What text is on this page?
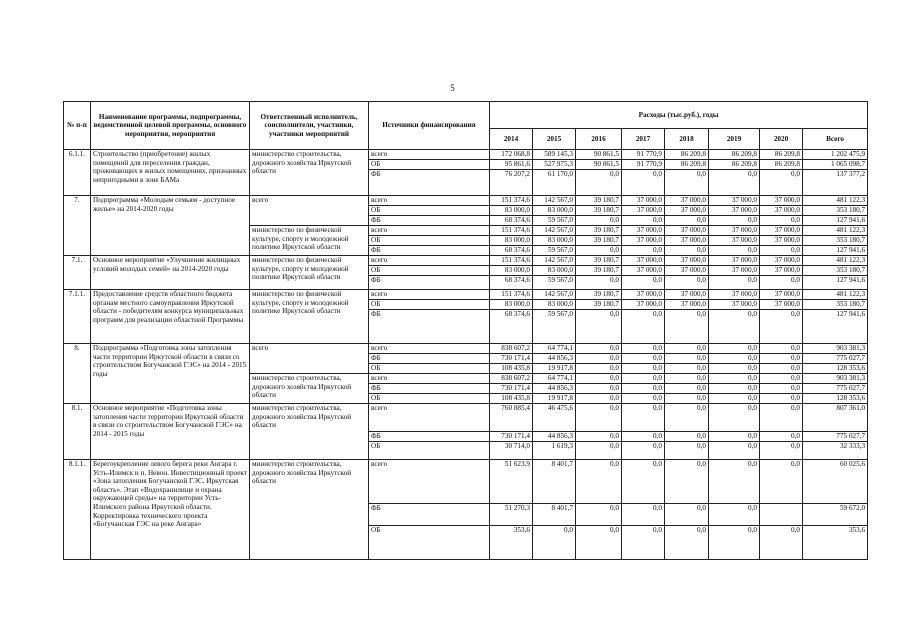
5
№ п-п	Наименование программы, подпрограммы, ведомственной целевой программы, основного мероприятия, мероприятия	Ответственный исполнитель, соисполнители, участники, участники мероприятий	Источники финансирования	Расходы (тыс.руб.), годы							
				2014	2015	2016	2017	2018	2019	2020	Всего
6.1.1.	Строительство (приобретение) жилых помещений для переселения граждан, проживающих в жилых помещениях, признанных непригодными в зоне БАМа	министерство строительства, дорожного хозяйства Иркутской области	всего	172 068,8	589 145,3	90 861,5	91 770,9	86 209,8	86 209,8	86 209,8	1 202 475,9
			ОБ	95 861,6	527 975,3	90 861,5	91 770,9	86 209,8	86 209,8	86 209,8	1 065 098,7
			ФБ	76 207,2	61 170,0	0,0	0,0	0,0	0,0	0,0	137 377,2
7.	Подпрограмма «Молодым семьям - доступное жилье» на 2014-2020 годы	всего	всего	151 374,6	142 567,0	39 180,7	37 000,0	37 000,0	37 000,0	37 000,0	481 122,3
			ОБ	83 000,0	83 000,0	39 180,7	37 000,0	37 000,0	37 000,0	37 000,0	353 180,7
			ФБ	68 374,6	59 567,0	0,0	0,0	0,0	0,0	0,0	127 941,6
		министерство по физической культуре, спорту и молодежной политике Иркутской области	всего	151 374,6	142 567,0	39 180,7	37 000,0	37 000,0	37 000,0	37 000,0	481 122,3
			ОБ	83 000,0	83 000,0	39 180,7	37 000,0	37 000,0	37 000,0	37 000,0	353 180,7
			ФБ	68 374,6	59 567,0	0,0	0,0	0,0	0,0	0,0	127 941,6
7.1.	Основное мероприятие «Улучшение жилищных условий молодых семей» на 2014-2020 годы	министерство по физической культуре, спорту и молодежной политике Иркутской области	всего	151 374,6	142 567,0	39 180,7	37 000,0	37 000,0	37 000,0	37 000,0	481 122,3
			ОБ	83 000,0	83 000,0	39 180,7	37 000,0	37 000,0	37 000,0	37 000,0	353 180,7
			ФБ	68 374,6	59 567,0	0,0	0,0	0,0	0,0	0,0	127 941,6
7.1.1.	Предоставление средств областного бюджета органам местного самоуправления Иркутской области - победителям конкурса муниципальных программ для реализации областной Программы	министерство по физической культуре, спорту и молодежной политике Иркутской области	всего	151 374,6	142 567,0	39 180,7	37 000,0	37 000,0	37 000,0	37 000,0	481 122,3
			ОБ	83 000,0	83 000,0	39 180,7	37 000,0	37 000,0	37 000,0	37 000,0	353 180,7
			ФБ	68 374,6	59 567,0	0,0	0,0	0,0	0,0	0,0	127 941,6
8.	Подпрограмма «Подготовка зоны затопления части территории Иркутской области в связи со строительством Богучанской ГЭС» на 2014 - 2015 годы	всего	всего	838 607,2	64 774,1	0,0	0,0	0,0	0,0	0,0	903 381,3
			ФБ	730 171,4	44 856,3	0,0	0,0	0,0	0,0	0,0	775 027,7
			ОБ	108 435,8	19 917,8	0,0	0,0	0,0	0,0	0,0	128 353,6
		министерство строительства, дорожного хозяйства Иркутской области	всего	838 607,2	64 774,1	0,0	0,0	0,0	0,0	0,0	903 381,3
			ФБ	730 171,4	44 856,3	0,0	0,0	0,0	0,0	0,0	775 027,7
			ОБ	108 435,8	19 917,8	0,0	0,0	0,0	0,0	0,0	128 353,6
8.1.	Основное мероприятие «Подготовка зоны затопления части территории Иркутской области в связи со строительством Богучанской ГЭС» на 2014 - 2015 годы	министерство строительства, дорожного хозяйства Иркутской области	всего	760 885,4	46 475,6	0,0	0,0	0,0	0,0	0,0	807 361,0
			ФБ	730 171,4	44 856,3	0,0	0,0	0,0	0,0	0,0	775 027,7
			ОБ	30 714,0	1 619,3	0,0	0,0	0,0	0,0	0,0	32 333,3
8.1.1.	Берегоукрепление левого берега реки Ангара г. Усть-Илимск и п. Невон. Инвестиционный проект «Зона затопления Богучанской ГЭС. Иркутская область». Этап «Водохранилище и охрана окружающей среды» на территории Усть-Илимского района Иркутской области. Корректировка технического проекта «Богучанская ГЭС на реке Ангара»	министерство строительства, дорожного хозяйства Иркутской области	всего	51 623,9	8 401,7	0,0	0,0	0,0	0,0	0,0	60 025,6
			ФБ	51 270,3	8 401,7	0,0	0,0	0,0	0,0		59 672,0
			ОБ	353,6	0,0	0,0	0,0	0,0	0,0	0,0	353,6
